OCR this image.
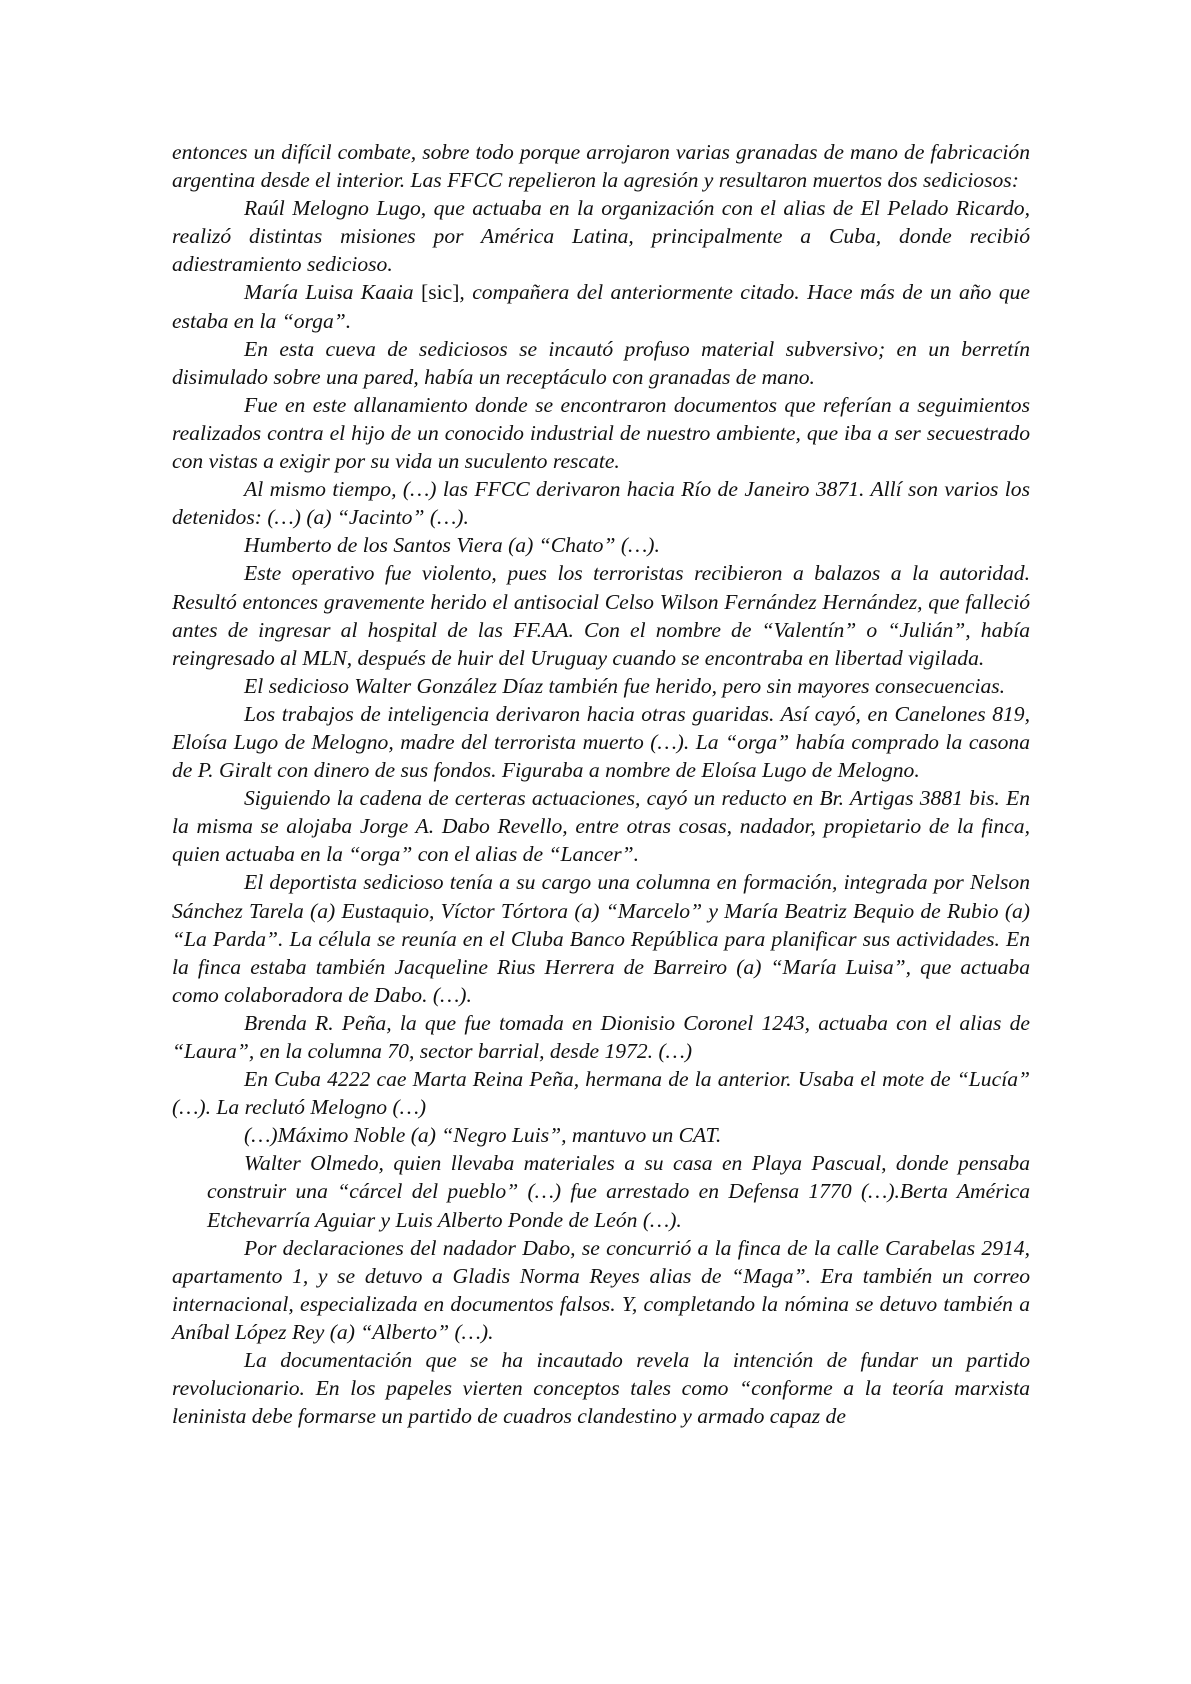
entonces un difícil combate, sobre todo porque arrojaron varias granadas de mano de fabricación argentina desde el interior. Las FFCC repelieron la agresión y resultaron muertos dos sediciosos:

Raúl Melogno Lugo, que actuaba en la organización con el alias de El Pelado Ricardo, realizó distintas misiones por América Latina, principalmente a Cuba, donde recibió adiestramiento sedicioso.

María Luisa Kaaia [sic], compañera del anteriormente citado. Hace más de un año que estaba en la “orga”.

En esta cueva de sediciosos se incautó profuso material subversivo; en un berretín disimulado sobre una pared, había un receptáculo con granadas de mano.

Fue en este allanamiento donde se encontraron documentos que referían a seguimientos realizados contra el hijo de un conocido industrial de nuestro ambiente, que iba a ser secuestrado con vistas a exigir por su vida un suculento rescate.

Al mismo tiempo, (…) las FFCC derivaron hacia Río de Janeiro 3871. Allí son varios los detenidos: (…) (a) “Jacinto” (…).

Humberto de los Santos Viera (a) “Chato” (…).

Este operativo fue violento, pues los terroristas recibieron a balazos a la autoridad. Resultó entonces gravemente herido el antisocial Celso Wilson Fernández Hernández, que falleció antes de ingresar al hospital de las FF.AA. Con el nombre de “Valentín” o “Julián”, había reingresado al MLN, después de huir del Uruguay cuando se encontraba en libertad vigilada.

El sedicioso Walter González Díaz también fue herido, pero sin mayores consecuencias.

Los trabajos de inteligencia derivaron hacia otras guaridas. Así cayó, en Canelones 819, Eloísa Lugo de Melogno, madre del terrorista muerto (…). La “orga” había comprado la casona de P. Giralt con dinero de sus fondos. Figuraba a nombre de Eloísa Lugo de Melogno.

Siguiendo la cadena de certeras actuaciones, cayó un reducto en Br. Artigas 3881 bis. En la misma se alojaba Jorge A. Dabo Revello, entre otras cosas, nadador, propietario de la finca, quien actuaba en la “orga” con el alias de “Lancer”.

El deportista sedicioso tenía a su cargo una columna en formación, integrada por Nelson Sánchez Tarela (a) Eustaquio, Víctor Tórtora (a) “Marcelo” y María Beatriz Bequio de Rubio (a) “La Parda”. La célula se reunía en el Cluba Banco República para planificar sus actividades. En la finca estaba también Jacqueline Rius Herrera de Barreiro (a) “María Luisa”, que actuaba como colaboradora de Dabo. (…).

Brenda R. Peña, la que fue tomada en Dionisio Coronel 1243, actuaba con el alias de “Laura”, en la columna 70, sector barrial, desde 1972. (…)

En Cuba 4222 cae Marta Reina Peña, hermana de la anterior. Usaba el mote de “Lucía” (…). La reclutó Melogno (…)

(…)Máximo Noble (a) “Negro Luis”, mantuvo un CAT.

Walter Olmedo, quien llevaba materiales a su casa en Playa Pascual, donde pensaba construir una “cárcel del pueblo” (…) fue arrestado en Defensa 1770 (…).Berta América Etchevarría Aguiar y Luis Alberto Ponde de León (…).

Por declaraciones del nadador Dabo, se concurrió a la finca de la calle Carabelas 2914, apartamento 1, y se detuvo a Gladis Norma Reyes alias de “Maga”. Era también un correo internacional, especializada en documentos falsos. Y, completando la nómina se detuvo también a Aníbal López Rey (a) “Alberto” (…).

La documentación que se ha incautado revela la intención de fundar un partido revolucionario. En los papeles vierten conceptos tales como “conforme a la teoría marxista leninista debe formarse un partido de cuadros clandestino y armado capaz de
